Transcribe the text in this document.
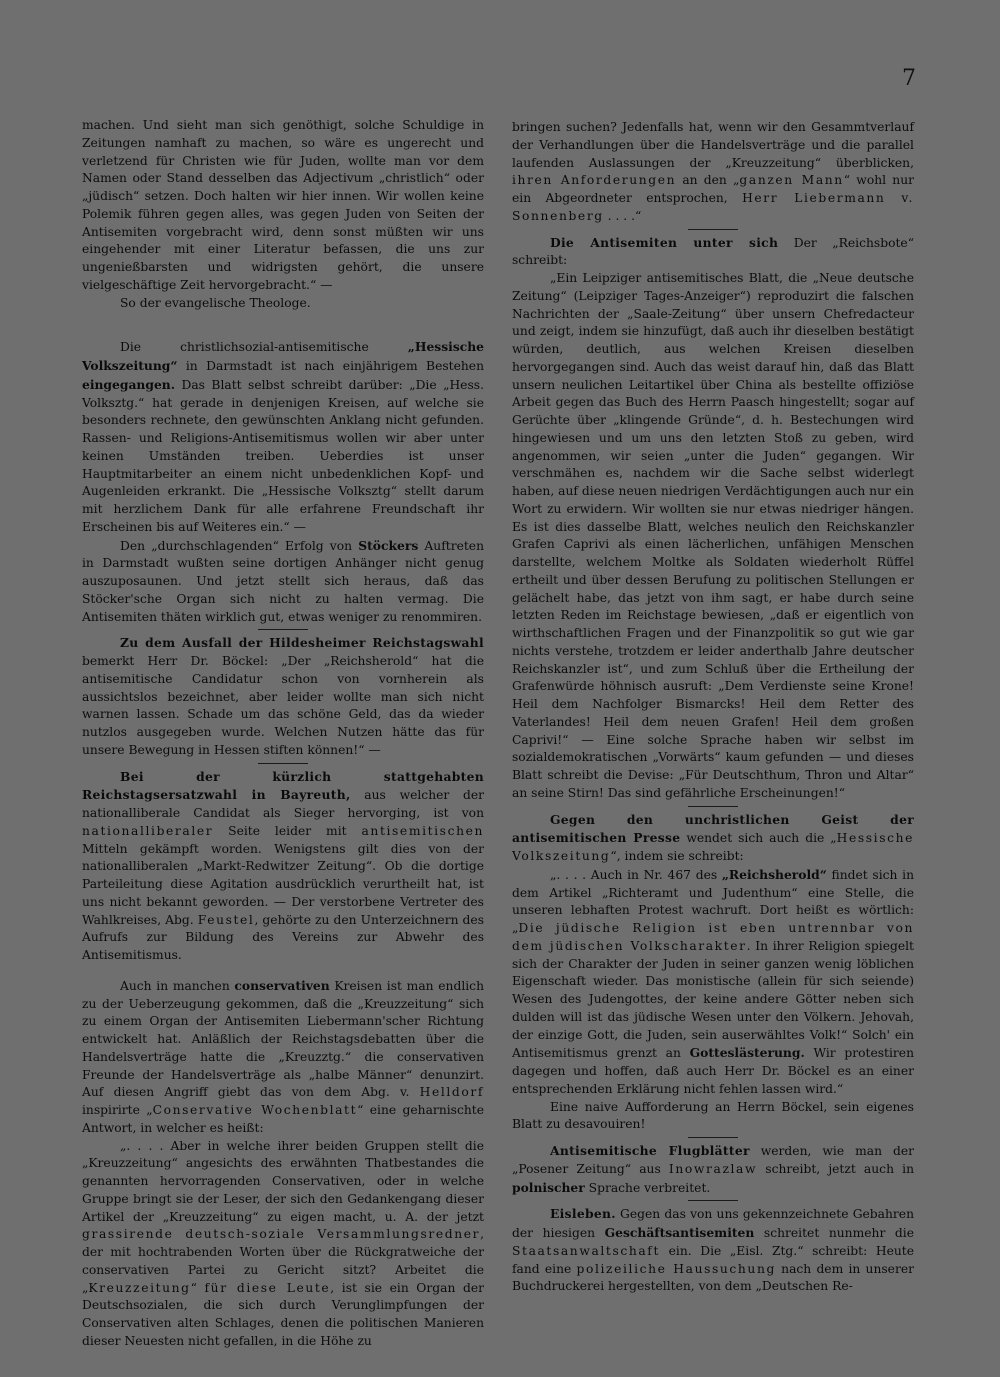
7

machen. Und sieht man sich genöthigt, solche Schuldige in Zeitungen namhaft zu machen, so wäre es ungerecht und verletzend für Christen wie für Juden, wollte man vor dem Namen oder Stand desselben das Adjectivum „christlich“ oder „jüdisch“ setzen. Doch halten wir hier innen. Wir wollen keine Polemik führen gegen alles, was gegen Juden von Seiten der Antisemiten vorgebracht wird, denn sonst müßten wir uns eingehender mit einer Literatur befassen, die uns zur ungenießbarsten und widrigsten gehört, die unsere vielgeschäftige Zeit hervorgebracht.“ —

So der evangelische Theologe.

Die christlichsozial-antisemitische „Hessische Volkszeitung“ in Darmstadt ist nach einjährigem Bestehen eingegangen. Das Blatt selbst schreibt darüber: „Die „Hess. Volksztg.“ hat gerade in denjenigen Kreisen, auf welche sie besonders rechnete, den gewünschten Anklang nicht gefunden. Rassen- und Religions-Antisemitismus wollen wir aber unter keinen Umständen treiben. Ueberdies ist unser Hauptmitarbeiter an einem nicht unbedenklichen Kopf- und Augenleiden erkrankt. Die „Hessische Volksztg“ stellt darum mit herzlichem Dank für alle erfahrene Freundschaft ihr Erscheinen bis auf Weiteres ein.“ —

Den „durchschlagenden“ Erfolg von Stöckers Auftreten in Darmstadt wußten seine dortigen Anhänger nicht genug auszuposaunen. Und jetzt stellt sich heraus, daß das Stöcker'sche Organ sich nicht zu halten vermag. Die Antisemiten thäten wirklich gut, etwas weniger zu renommiren.

Zu dem Ausfall der Hildesheimer Reichstagswahl bemerkt Herr Dr. Böckel: „Der „Reichsherold“ hat die antisemitische Candidatur schon von vornherein als aussichtslos bezeichnet, aber leider wollte man sich nicht warnen lassen. Schade um das schöne Geld, das da wieder nutzlos ausgegeben wurde. Welchen Nutzen hätte das für unsere Bewegung in Hessen stiften können!“ —

Bei der kürzlich stattgehabten Reichstagsersatzwahl in Bayreuth, aus welcher der nationalliberale Candidat als Sieger hervorging, ist von nationalliberaler Seite leider mit antisemitischen Mitteln gekämpft worden. Wenigstens gilt dies von der nationalliberalen „Markt-Redwitzer Zeitung“. Ob die dortige Parteileitung diese Agitation ausdrücklich verurtheilt hat, ist uns nicht bekannt geworden. — Der verstorbene Vertreter des Wahlkreises, Abg. Feustel, gehörte zu den Unterzeichnern des Aufrufs zur Bildung des Vereins zur Abwehr des Antisemitismus.

Auch in manchen conservativen Kreisen ist man endlich zu der Ueberzeugung gekommen, daß die „Kreuzzeitung“ sich zu einem Organ der Antisemiten Liebermann'scher Richtung entwickelt hat. Anläßlich der Reichstagsdebatten über die Handelsverträge hatte die „Kreuzztg.“ die conservativen Freunde der Handelsverträge als „halbe Männer“ denunzirt. Auf diesen Angriff giebt das von dem Abg. v. Helldorf inspirirte „Conservative Wochenblatt“ eine geharnischte Antwort, in welcher es heißt:

„. . . . Aber in welche ihrer beiden Gruppen stellt die „Kreuzzeitung“ angesichts des erwähnten Thatbestandes die genannten hervorragenden Conservativen, oder in welche Gruppe bringt sie der Leser, der sich den Gedankengang dieser Artikel der „Kreuzzeitung“ zu eigen macht, u. A. der jetzt grassirende deutsch-soziale Versammlungsredner, der mit hochtrabenden Worten über die Rückgratweiche der conservativen Partei zu Gericht sitzt? Arbeitet die „Kreuzzeitung“ für diese Leute, ist sie ein Organ der Deutschsozialen, die sich durch Verunglimpfungen der Conservativen alten Schlages, denen die politischen Manieren dieser Neuesten nicht gefallen, in die Höhe zu

bringen suchen? Jedenfalls hat, wenn wir den Gesammtverlauf der Verhandlungen über die Handelsverträge und die parallel laufenden Auslassungen der „Kreuzzeitung“ überblicken, ihren Anforderungen an den „ganzen Mann“ wohl nur ein Abgeordneter entsprochen, Herr Liebermann v. Sonnenberg . . . .“

Die Antisemiten unter sich Der „Reichsbote“ schreibt:

„Ein Leipziger antisemitisches Blatt, die „Neue deutsche Zeitung“ (Leipziger Tages-Anzeiger“) reproduzirt die falschen Nachrichten der „Saale-Zeitung“ über unsern Chefredacteur und zeigt, indem sie hinzufügt, daß auch ihr dieselben bestätigt würden, deutlich, aus welchen Kreisen dieselben hervorgegangen sind. Auch das weist darauf hin, daß das Blatt unsern neulichen Leitartikel über China als bestellte offiziöse Arbeit gegen das Buch des Herrn Paasch hingestellt; sogar auf Gerüchte über „klingende Gründe“, d. h. Bestechungen wird hingewiesen und um uns den letzten Stoß zu geben, wird angenommen, wir seien „unter die Juden“ gegangen. Wir verschmähen es, nachdem wir die Sache selbst widerlegt haben, auf diese neuen niedrigen Verdächtigungen auch nur ein Wort zu erwidern. Wir wollten sie nur etwas niedriger hängen. Es ist dies dasselbe Blatt, welches neulich den Reichskanzler Grafen Caprivi als einen lächerlichen, unfähigen Menschen darstellte, welchem Moltke als Soldaten wiederholt Rüffel ertheilt und über dessen Berufung zu politischen Stellungen er gelächelt habe, das jetzt von ihm sagt, er habe durch seine letzten Reden im Reichstage bewiesen, „daß er eigentlich von wirthschaftlichen Fragen und der Finanzpolitik so gut wie gar nichts verstehe, trotzdem er leider anderthalb Jahre deutscher Reichskanzler ist“, und zum Schluß über die Ertheilung der Grafenwürde höhnisch ausruft: „Dem Verdienste seine Krone! Heil dem Nachfolger Bismarcks! Heil dem Retter des Vaterlandes! Heil dem neuen Grafen! Heil dem großen Caprivi!“ — Eine solche Sprache haben wir selbst im sozialdemokratischen „Vorwärts“ kaum gefunden — und dieses Blatt schreibt die Devise: „Für Deutschthum, Thron und Altar“ an seine Stirn! Das sind gefährliche Erscheinungen!“

Gegen den unchristlichen Geist der antisemitischen Presse wendet sich auch die „Hessische Volkszeitung“, indem sie schreibt:

„. . . . Auch in Nr. 467 des „Reichsherold“ findet sich in dem Artikel „Richteramt und Judenthum“ eine Stelle, die unseren lebhaften Protest wachruft. Dort heißt es wörtlich: „Die jüdische Religion ist eben untrennbar von dem jüdischen Volkscharakter. In ihrer Religion spiegelt sich der Charakter der Juden in seiner ganzen wenig löblichen Eigenschaft wieder. Das monistische (allein für sich seiende) Wesen des Judengottes, der keine andere Götter neben sich dulden will ist das jüdische Wesen unter den Völkern. Jehovah, der einzige Gott, die Juden, sein auserwähltes Volk!“ Solch' ein Antisemitismus grenzt an Gotteslästerung. Wir protestiren dagegen und hoffen, daß auch Herr Dr. Böckel es an einer entsprechenden Erklärung nicht fehlen lassen wird.“

Eine naive Aufforderung an Herrn Böckel, sein eigenes Blatt zu desavouiren!

Antisemitische Flugblätter werden, wie man der „Posener Zeitung“ aus Inowrazlaw schreibt, jetzt auch in polnischer Sprache verbreitet.

Eisleben. Gegen das von uns gekennzeichnete Gebahren der hiesigen Geschäftsantisemiten schreitet nunmehr die Staatsanwaltschaft ein. Die „Eisl. Ztg.“ schreibt: Heute fand eine polizeiliche Haussuchung nach dem in unserer Buchdruckerei hergestellten, von dem „Deutschen Re-
